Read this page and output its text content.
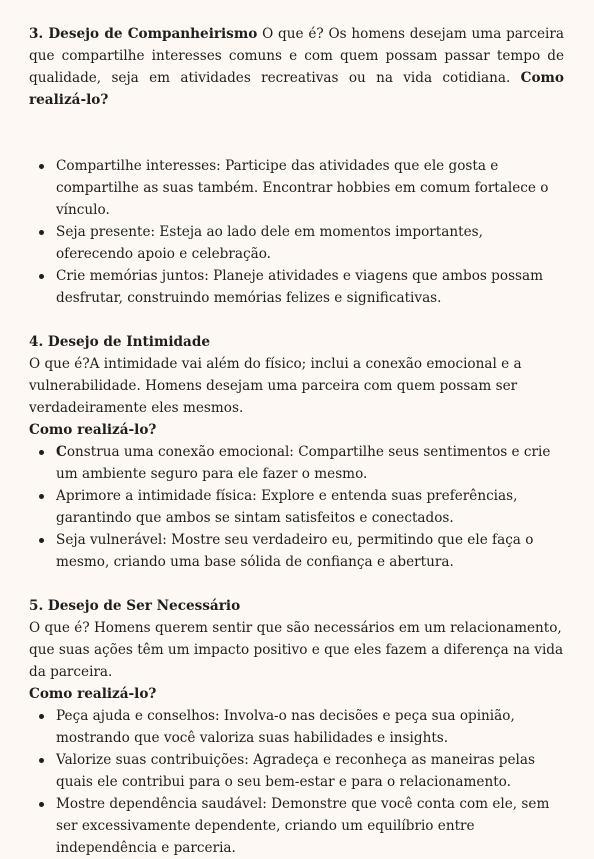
3. Desejo de Companheirismo O que é? Os homens desejam uma parceira que compartilhe interesses comuns e com quem possam passar tempo de qualidade, seja em atividades recreativas ou na vida cotidiana. Como realizá-lo?

Compartilhe interesses: Participe das atividades que ele gosta e compartilhe as suas também. Encontrar hobbies em comum fortalece o vínculo.
Seja presente: Esteja ao lado dele em momentos importantes, oferecendo apoio e celebração.
Crie memórias juntos: Planeje atividades e viagens que ambos possam desfrutar, construindo memórias felizes e significativas.

4. Desejo de Intimidade

O que é?A intimidade vai além do físico; inclui a conexão emocional e a vulnerabilidade. Homens desejam uma parceira com quem possam ser verdadeiramente eles mesmos.

Como realizá-lo?

Construa uma conexão emocional: Compartilhe seus sentimentos e crie um ambiente seguro para ele fazer o mesmo.
Aprimore a intimidade física: Explore e entenda suas preferências, garantindo que ambos se sintam satisfeitos e conectados.
Seja vulnerável: Mostre seu verdadeiro eu, permitindo que ele faça o mesmo, criando uma base sólida de confiança e abertura.

5. Desejo de Ser Necessário

O que é? Homens querem sentir que são necessários em um relacionamento, que suas ações têm um impacto positivo e que eles fazem a diferença na vida da parceira.

Como realizá-lo?

Peça ajuda e conselhos: Involva-o nas decisões e peça sua opinião, mostrando que você valoriza suas habilidades e insights.
Valorize suas contribuições: Agradeça e reconheça as maneiras pelas quais ele contribui para o seu bem-estar e para o relacionamento.
Mostre dependência saudável: Demonstre que você conta com ele, sem ser excessivamente dependente, criando um equilíbrio entre independência e parceria.
